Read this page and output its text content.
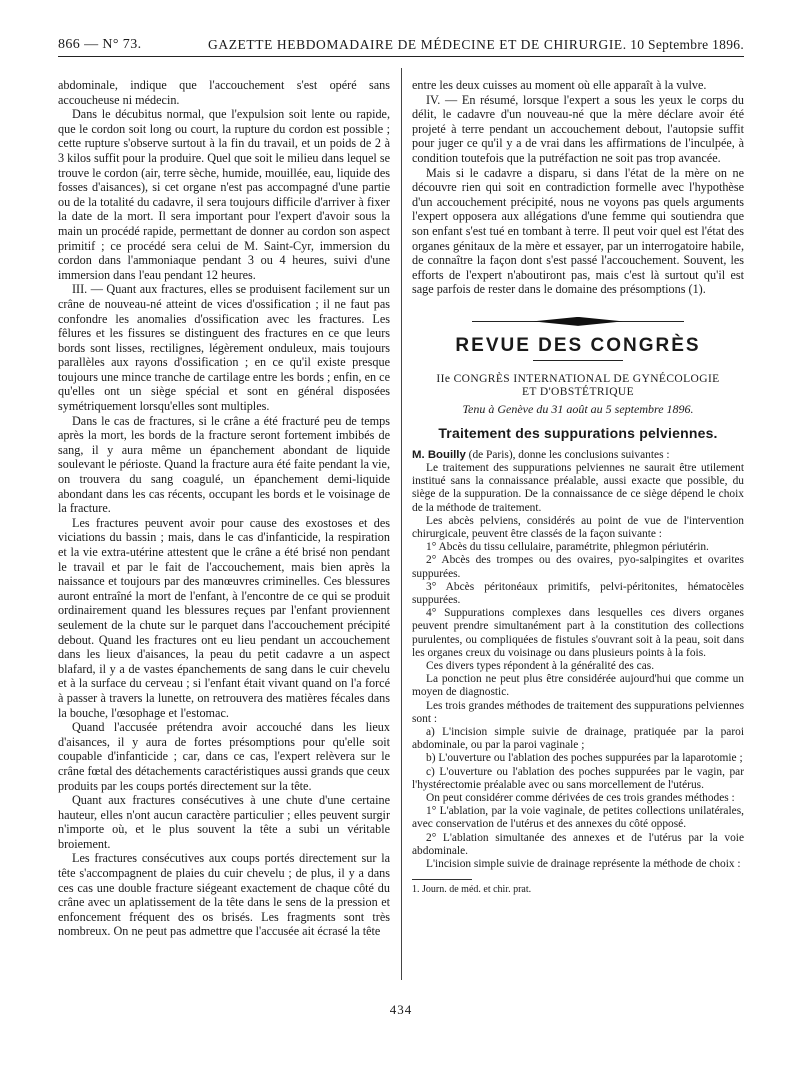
866 — N° 73.	GAZETTE HEBDOMADAIRE DE MÉDECINE ET DE CHIRURGIE. 10 Septembre 1896.

abdominale, indique que l'accouchement s'est opéré sans accoucheuse ni médecin.

Dans le décubitus normal, que l'expulsion soit lente ou rapide, que le cordon soit long ou court, la rupture du cordon est possible ; cette rupture s'observe surtout à la fin du travail, et un poids de 2 à 3 kilos suffit pour la produire. Quel que soit le milieu dans lequel se trouve le cordon (air, terre sèche, humide, mouillée, eau, liquide des fosses d'aisances), si cet organe n'est pas accompagné d'une partie ou de la totalité du cadavre, il sera toujours difficile d'arriver à fixer la date de la mort. Il sera important pour l'expert d'avoir sous la main un procédé rapide, permettant de donner au cordon son aspect primitif ; ce procédé sera celui de M. Saint-Cyr, immersion du cordon dans l'ammoniaque pendant 3 ou 4 heures, suivi d'une immersion dans l'eau pendant 12 heures.

III. — Quant aux fractures, elles se produisent facilement sur un crâne de nouveau-né atteint de vices d'ossification ; il ne faut pas confondre les anomalies d'ossification avec les fractures. Les fêlures et les fissures se distinguent des fractures en ce que leurs bords sont lisses, rectilignes, légèrement onduleux, mais toujours parallèles aux rayons d'ossification ; en ce qu'il existe presque toujours une mince tranche de cartilage entre les bords ; enfin, en ce qu'elles ont un siège spécial et sont en général disposées symétriquement lorsqu'elles sont multiples.

Dans le cas de fractures, si le crâne a été fracturé peu de temps après la mort, les bords de la fracture seront fortement imbibés de sang, il y aura même un épanchement abondant de liquide soulevant le périoste. Quand la fracture aura été faite pendant la vie, on trouvera du sang coagulé, un épanchement demi-liquide abondant dans les cas récents, occupant les bords et le voisinage de la fracture.

Les fractures peuvent avoir pour cause des exostoses et des viciations du bassin ; mais, dans le cas d'infanticide, la respiration et la vie extra-utérine attestent que le crâne a été brisé non pendant le travail et par le fait de l'accouchement, mais bien après la naissance et toujours par des manœuvres criminelles. Ces blessures auront entraîné la mort de l'enfant, à l'encontre de ce qui se produit ordinairement quand les blessures reçues par l'enfant proviennent seulement de la chute sur le parquet dans l'accouchement précipité debout. Quand les fractures ont eu lieu pendant un accouchement dans les lieux d'aisances, la peau du petit cadavre a un aspect blafard, il y a de vastes épanchements de sang dans le cuir chevelu et à la surface du cerveau ; si l'enfant était vivant quand on l'a forcé à passer à travers la lunette, on retrouvera des matières fécales dans la bouche, l'œsophage et l'estomac.

Quand l'accusée prétendra avoir accouché dans les lieux d'aisances, il y aura de fortes présomptions pour qu'elle soit coupable d'infanticide ; car, dans ce cas, l'expert relèvera sur le crâne fœtal des détachements caractéristiques aussi grands que ceux produits par les coups portés directement sur la tête.

Quant aux fractures consécutives à une chute d'une certaine hauteur, elles n'ont aucun caractère particulier ; elles peuvent surgir n'importe où, et le plus souvent la tête a subi un véritable broiement.

Les fractures consécutives aux coups portés directement sur la tête s'accompagnent de plaies du cuir chevelu ; de plus, il y a dans ces cas une double fracture siégeant exactement de chaque côté du crâne avec un aplatissement de la tête dans le sens de la pression et enfoncement fréquent des os brisés. Les fragments sont très nombreux. On ne peut pas admettre que l'accusée ait écrasé la tête

entre les deux cuisses au moment où elle apparaît à la vulve.

IV. — En résumé, lorsque l'expert a sous les yeux le corps du délit, le cadavre d'un nouveau-né que la mère déclare avoir été projeté à terre pendant un accouchement debout, l'autopsie suffit pour juger ce qu'il y a de vrai dans les affirmations de l'inculpée, à condition toutefois que la putréfaction ne soit pas trop avancée.

Mais si le cadavre a disparu, si dans l'état de la mère on ne découvre rien qui soit en contradiction formelle avec l'hypothèse d'un accouchement précipité, nous ne voyons pas quels arguments l'expert opposera aux allégations d'une femme qui soutiendra que son enfant s'est tué en tombant à terre. Il peut voir quel est l'état des organes génitaux de la mère et essayer, par un interrogatoire habile, de connaître la façon dont s'est passé l'accouchement. Souvent, les efforts de l'expert n'aboutiront pas, mais c'est là surtout qu'il est sage parfois de rester dans le domaine des présomptions (1).

REVUE DES CONGRÈS
IIe CONGRÈS INTERNATIONAL DE GYNÉCOLOGIE
ET D'OBSTÉTRIQUE
Tenu à Genève du 31 août au 5 septembre 1896.
Traitement des suppurations pelviennes.

M. Bouilly (de Paris), donne les conclusions suivantes :

Le traitement des suppurations pelviennes ne saurait être utilement institué sans la connaissance préalable, aussi exacte que possible, du siège de la suppuration. De la connaissance de ce siège dépend le choix de la méthode de traitement.

Les abcès pelviens, considérés au point de vue de l'intervention chirurgicale, peuvent être classés de la façon suivante :

1° Abcès du tissu cellulaire, paramétrite, phlegmon périutérin.

2° Abcès des trompes ou des ovaires, pyo-salpingites et ovarites suppurées.

3° Abcès péritonéaux primitifs, pelvi-péritonites, hématocèles suppurées.

4° Suppurations complexes dans lesquelles ces divers organes peuvent prendre simultanément part à la constitution des collections purulentes, ou compliquées de fistules s'ouvrant soit à la peau, soit dans les organes creux du voisinage ou dans plusieurs points à la fois.

Ces divers types répondent à la généralité des cas.

La ponction ne peut plus être considérée aujourd'hui que comme un moyen de diagnostic.

Les trois grandes méthodes de traitement des suppurations pelviennes sont :

a) L'incision simple suivie de drainage, pratiquée par la paroi abdominale, ou par la paroi vaginale ;

b) L'ouverture ou l'ablation des poches suppurées par la laparotomie ;

c) L'ouverture ou l'ablation des poches suppurées par le vagin, par l'hystérectomie préalable avec ou sans morcellement de l'utérus.

On peut considérer comme dérivées de ces trois grandes méthodes :

1° L'ablation, par la voie vaginale, de petites collections unilatérales, avec conservation de l'utérus et des annexes du côté opposé.

2° L'ablation simultanée des annexes et de l'utérus par la voie abdominale.

L'incision simple suivie de drainage représente la méthode de choix :

1. Journ. de méd. et chir. prat.
434
